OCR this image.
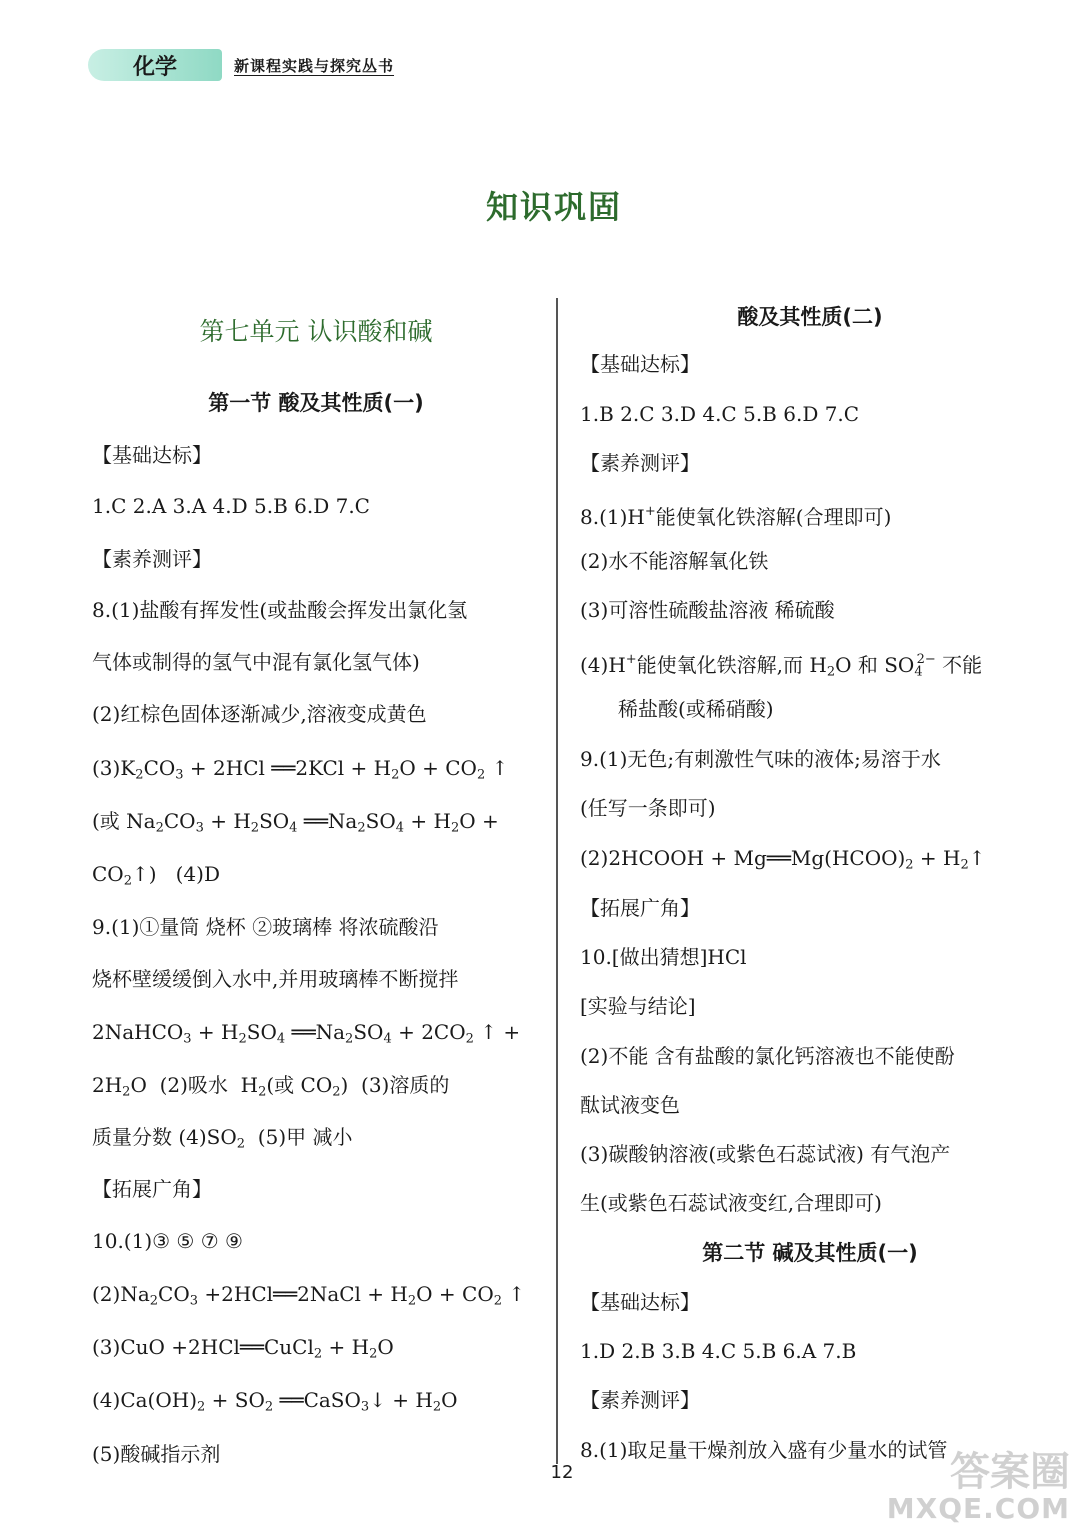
化学	新课程实践与探究丛书
知识巩固
第七单元 认识酸和碱
第一节 酸及其性质(一)
【基础达标】
1.C 2.A 3.A 4.D 5.B 6.D 7.C
【素养测评】
8.(1)盐酸有挥发性(或盐酸会挥发出氯化氢
气体或制得的氢气中混有氯化氢气体)
(2)红棕色固体逐渐减少,溶液变成黄色
$(3)K_2CO_3 + 2HCl$ ══2KCl + $H_2O + CO_2$ ↑
(或 $Na_2CO_3 + H_2SO_4$ $══Na_2SO_4 + H_2O$ +
$CO_2↑$)   (4)D
9.(1)①量筒 烧杯 ②玻璃棒 将浓硫酸沿
烧杯壁缓缓倒入水中,并用玻璃棒不断搅拌
2NaHCO$_3$ + $H_2SO_4$ $══Na_2SO_4 + 2CO_2$ ↑ +
$2H_2O$  (2)吸水  $H_2$(或 $CO_2$)  (3)溶质的
质量分数 $(4)SO_2$ (5)甲 减小
【拓展广角】
10.(1)③ ⑤ ⑦ ⑨
$(2)Na_2CO_3$ +2HCl══2NaCl + $H_2O + CO_2$ ↑
(3)CuO +2HCl══CuCl$_2$ + $H_2O$
$(4)Ca(OH)_2 + SO_2$ ══CaSO$_3$↓ + $H_2O$
(5)酸碱指示剂
酸及其性质(二)
【基础达标】
1.B 2.C 3.D 4.C 5.B 6.D 7.C
【素养测评】
8.(1)H+能使氧化铁溶解(合理即可)
(2)水不能溶解氧化铁
(3)可溶性硫酸盐溶液 稀硫酸
(4)H+能使氧化铁溶解,而 $H_2O$ 和 $SO_4^{2-}$ 不能
稀盐酸(或稀硝酸)
9.(1)无色;有刺激性气味的液体;易溶于水
(任写一条即可)
(2)2HCOOH + $Mg══Mg(HCOO)_2$ + $H_2↑$
【拓展广角】
10.[做出猜想]HCl
[实验与结论]
(2)不能 含有盐酸的氯化钙溶液也不能使酚
酞试液变色
(3)碳酸钠溶液(或紫色石蕊试液) 有气泡产
生(或紫色石蕊试液变红,合理即可)
第二节 碱及其性质(一)
【基础达标】
1.D 2.B 3.B 4.C 5.B 6.A 7.B
【素养测评】
8.(1)取足量干燥剂放入盛有少量水的试管
12	答案圈
MXQE.COM
